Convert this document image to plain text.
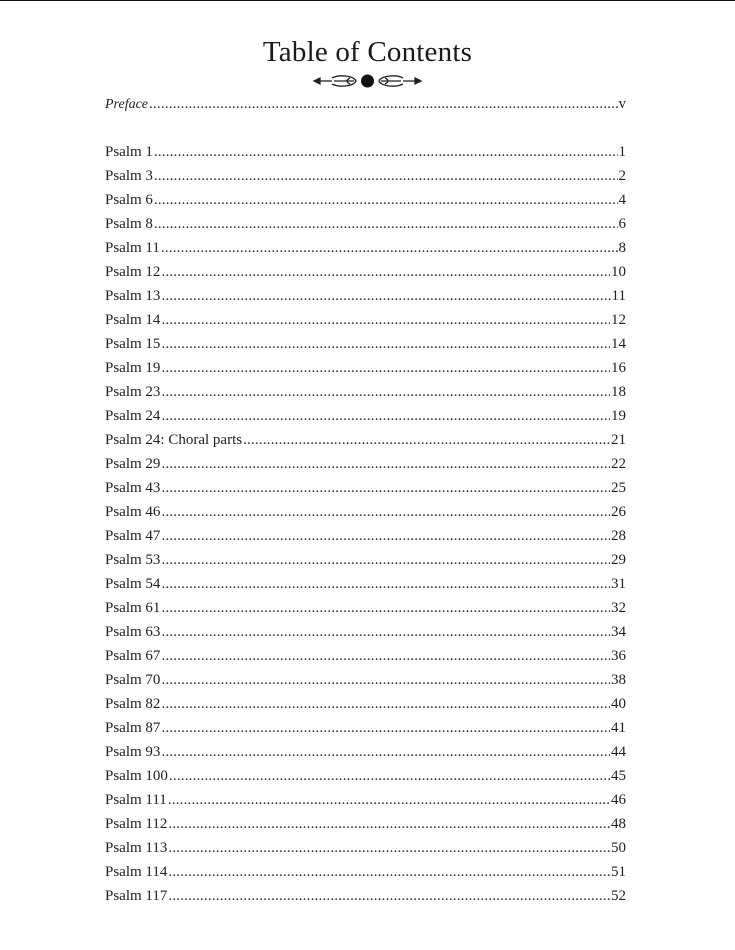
Table of Contents
Preface .....	v
Psalm 1 .....	1
Psalm 3 .....	2
Psalm 6 .....	4
Psalm 8 .....	6
Psalm 11 .....	8
Psalm 12 .....	10
Psalm 13 .....	11
Psalm 14 .....	12
Psalm 15 .....	14
Psalm 19 .....	16
Psalm 23 .....	18
Psalm 24 .....	19
Psalm 24: Choral parts .....	21
Psalm 29 .....	22
Psalm 43 .....	25
Psalm 46 .....	26
Psalm 47 .....	28
Psalm 53 .....	29
Psalm 54 .....	31
Psalm 61 .....	32
Psalm 63 .....	34
Psalm 67 .....	36
Psalm 70 .....	38
Psalm 82 .....	40
Psalm 87 .....	41
Psalm 93 .....	44
Psalm 100 .....	45
Psalm 111 .....	46
Psalm 112 .....	48
Psalm 113 .....	50
Psalm 114 .....	51
Psalm 117 .....	52
